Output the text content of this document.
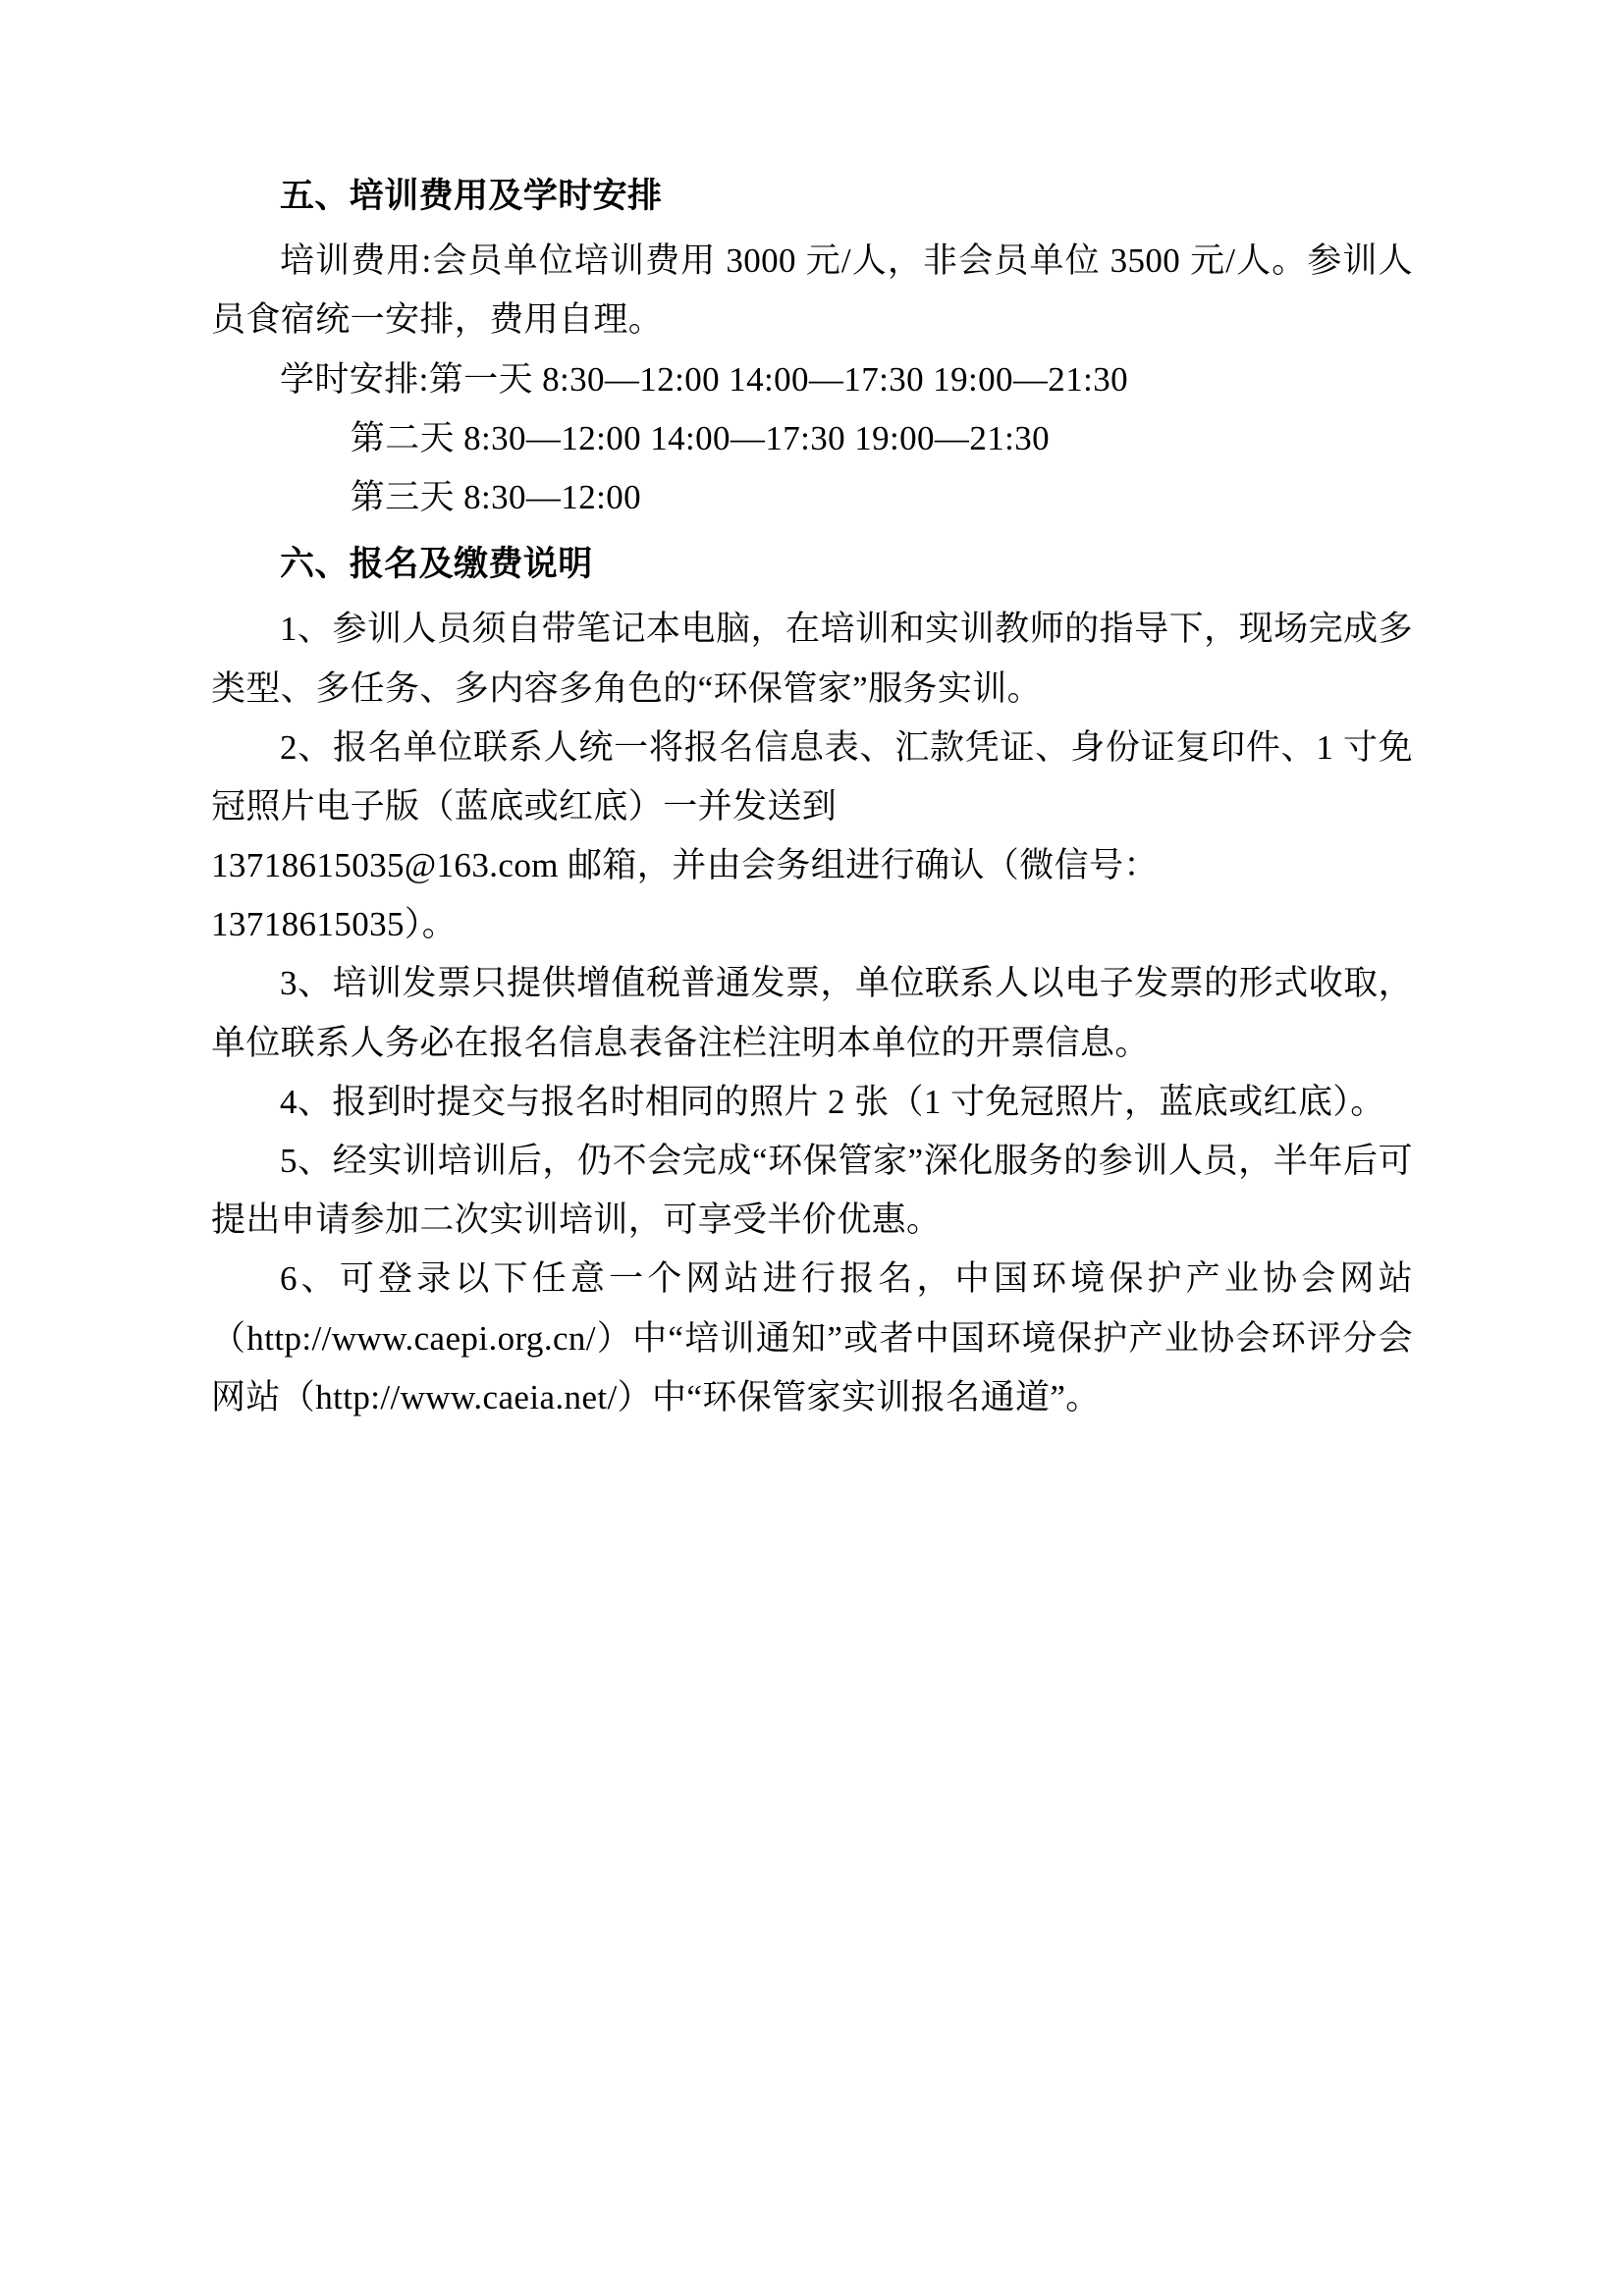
五、培训费用及学时安排

培训费用:会员单位培训费用 3000 元/人，非会员单位 3500 元/人。参训人员食宿统一安排，费用自理。

学时安排:第一天 8:30—12:00 14:00—17:30 19:00—21:30

第二天 8:30—12:00 14:00—17:30 19:00—21:30

第三天 8:30—12:00

六、报名及缴费说明

1、参训人员须自带笔记本电脑，在培训和实训教师的指导下，现场完成多类型、多任务、多内容多角色的“环保管家”服务实训。

2、报名单位联系人统一将报名信息表、汇款凭证、身份证复印件、1 寸免冠照片电子版（蓝底或红底）一并发送到

13718615035@163.com 邮箱，并由会务组进行确认（微信号：

13718615035）。

3、培训发票只提供增值税普通发票，单位联系人以电子发票的形式收取，单位联系人务必在报名信息表备注栏注明本单位的开票信息。

4、报到时提交与报名时相同的照片 2 张（1 寸免冠照片，蓝底或红底）。

5、经实训培训后，仍不会完成“环保管家”深化服务的参训人员，半年后可提出申请参加二次实训培训，可享受半价优惠。

6、可登录以下任意一个网站进行报名，中国环境保护产业协会网站（http://www.caepi.org.cn/）中“培训通知”或者中国环境保护产业协会环评分会网站（http://www.caeia.net/）中“环保管家实训报名通道”。
